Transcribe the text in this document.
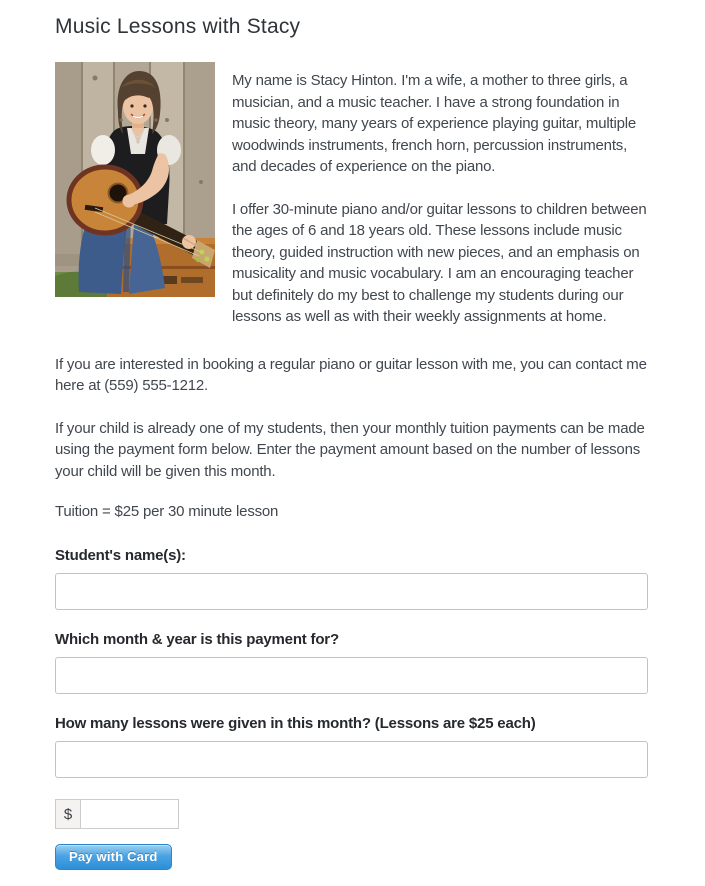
Music Lessons with Stacy

My name is Stacy Hinton. I'm a wife, a mother to three girls, a musician, and a music teacher. I have a strong foundation in music theory, many years of experience playing guitar, multiple woodwinds instruments, french horn, percussion instruments, and decades of experience on the piano.

I offer 30-minute piano and/or guitar lessons to children between the ages of 6 and 18 years old. These lessons include music theory, guided instruction with new pieces, and an emphasis on musicality and music vocabulary. I am an encouraging teacher but definitely do my best to challenge my students during our lessons as well as with their weekly assignments at home.

If you are interested in booking a regular piano or guitar lesson with me, you can contact me here at (559) 555-1212.

If your child is already one of my students, then your monthly tuition payments can be made using the payment form below. Enter the payment amount based on the number of lessons your child will be given this month.

Tuition = $25 per 30 minute lesson

Student's name(s):
Which month & year is this payment for?
How many lessons were given in this month? (Lessons are $25 each)
$
Pay with Card
